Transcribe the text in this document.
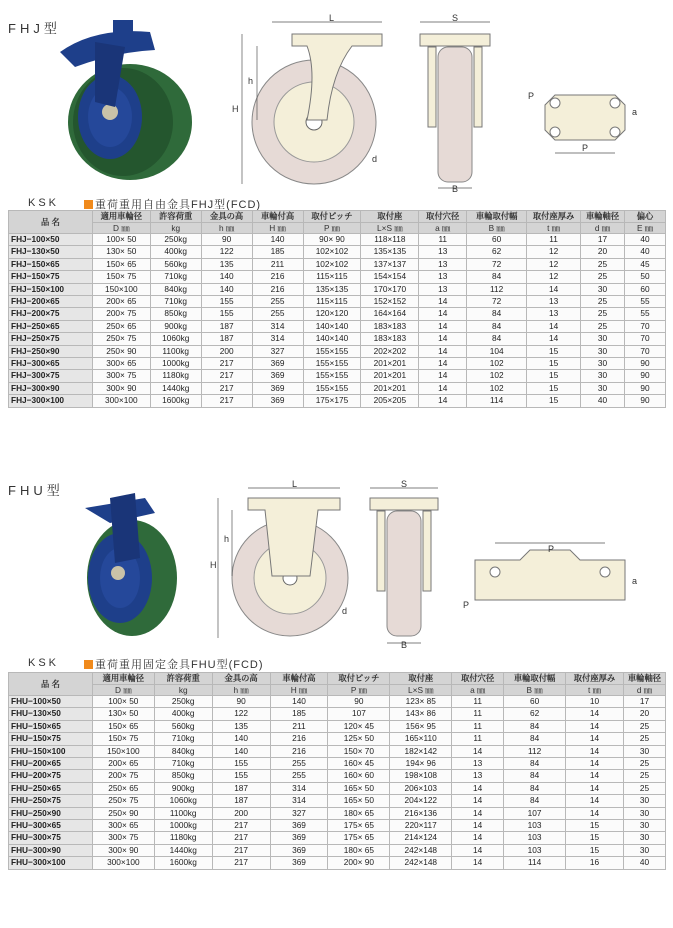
FHJ型
L
h
H
d
S
B
P
a
P
KSK	重荷重用自由金具FHJ型(FCD)
品 名	適用車輪径	許容荷重	金具の高	車輪付高	取付ピッチ	取付座	取付穴径	車輪取付幅	取付座厚み	車輪軸径	偏心
	D ㎜	kg	h ㎜	H ㎜	P ㎜	L×S ㎜	a ㎜	B ㎜	t ㎜	d ㎜	E ㎜
FHJ−100×50	100× 50	250kg	90	140	90× 90	118×118	11	60	11	17	40
FHJ−130×50	130× 50	400kg	122	185	102×102	135×135	13	62	12	20	40
FHJ−150×65	150× 65	560kg	135	211	102×102	137×137	13	72	12	25	45
FHJ−150×75	150× 75	710kg	140	216	115×115	154×154	13	84	12	25	50
FHJ−150×100	150×100	840kg	140	216	135×135	170×170	13	112	14	30	60
FHJ−200×65	200× 65	710kg	155	255	115×115	152×152	14	72	13	25	55
FHJ−200×75	200× 75	850kg	155	255	120×120	164×164	14	84	13	25	55
FHJ−250×65	250× 65	900kg	187	314	140×140	183×183	14	84	14	25	70
FHJ−250×75	250× 75	1060kg	187	314	140×140	183×183	14	84	14	30	70
FHJ−250×90	250× 90	1100kg	200	327	155×155	202×202	14	104	15	30	70
FHJ−300×65	300× 65	1000kg	217	369	155×155	201×201	14	102	15	30	90
FHJ−300×75	300× 75	1180kg	217	369	155×155	201×201	14	102	15	30	90
FHJ−300×90	300× 90	1440kg	217	369	155×155	201×201	14	102	15	30	90
FHJ−300×100	300×100	1600kg	217	369	175×175	205×205	14	114	15	40	90
FHU型	L
h
H
d
S
B
P
a
P
KSK	重荷重用固定金具FHU型(FCD)
品 名	適用車輪径	許容荷重	金具の高	車輪付高	取付ピッチ	取付座	取付穴径	車輪取付幅	取付座厚み	車輪軸径
	D ㎜	kg	h ㎜	H ㎜	P ㎜	L×S ㎜	a ㎜	B ㎜	t ㎜	d ㎜
FHU−100×50	100× 50	250kg	90	140	90	123× 85	11	60	10	17
FHU−130×50	130× 50	400kg	122	185	107	143× 86	11	62	14	20
FHU−150×65	150× 65	560kg	135	211	120× 45	156× 95	11	84	14	25
FHU−150×75	150× 75	710kg	140	216	125× 50	165×110	11	84	14	25
FHU−150×100	150×100	840kg	140	216	150× 70	182×142	14	112	14	30
FHU−200×65	200× 65	710kg	155	255	160× 45	194× 96	13	84	14	25
FHU−200×75	200× 75	850kg	155	255	160× 60	198×108	13	84	14	25
FHU−250×65	250× 65	900kg	187	314	165× 50	206×103	14	84	14	25
FHU−250×75	250× 75	1060kg	187	314	165× 50	204×122	14	84	14	30
FHU−250×90	250× 90	1100kg	200	327	180× 65	216×136	14	107	14	30
FHU−300×65	300× 65	1000kg	217	369	175× 65	220×117	14	103	15	30
FHU−300×75	300× 75	1180kg	217	369	175× 65	214×124	14	103	15	30
FHU−300×90	300× 90	1440kg	217	369	180× 65	242×148	14	103	15	30
FHU−300×100	300×100	1600kg	217	369	200× 90	242×148	14	114	16	40
